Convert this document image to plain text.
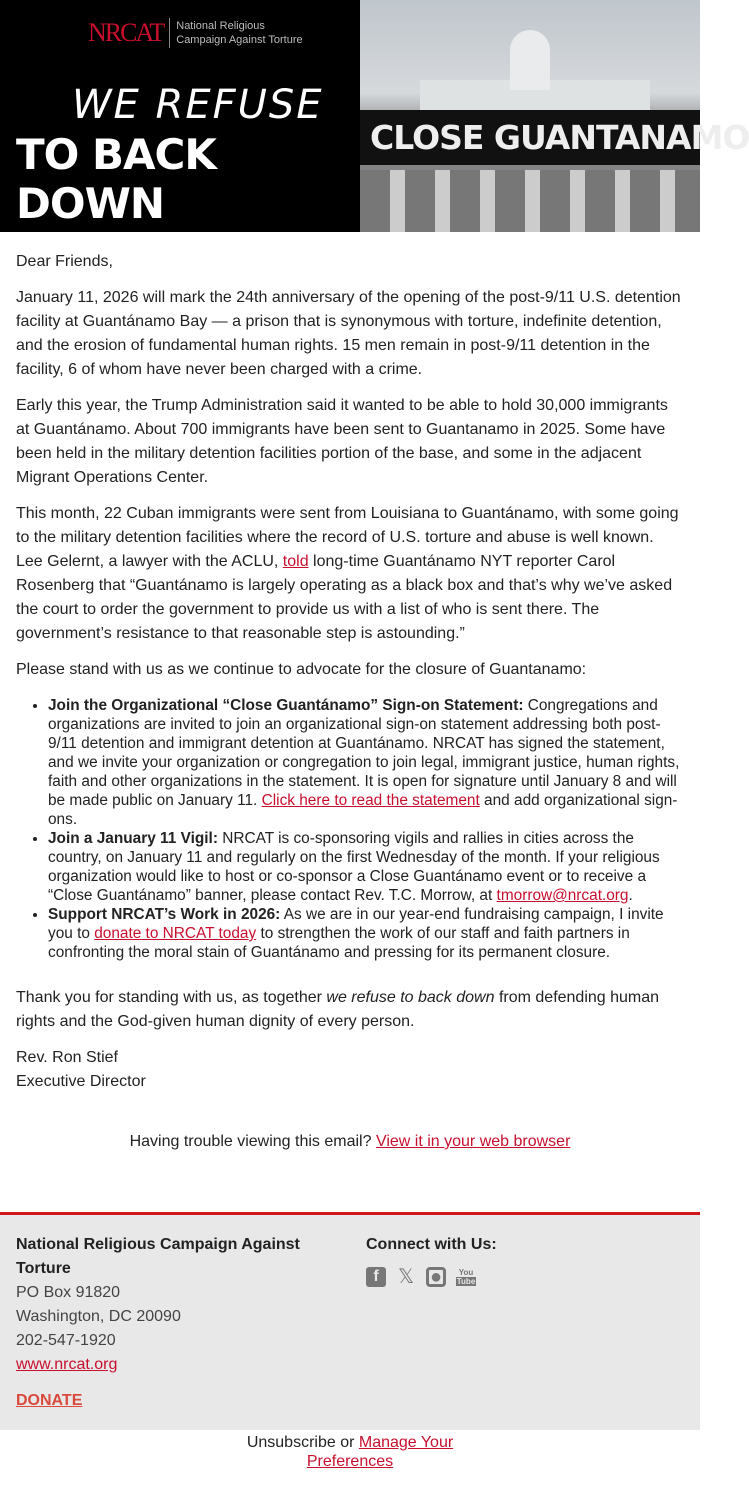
NRCAT	National Religious Campaign Against Torture
WE REFUSE
TO BACK DOWN
CLOSE GUANTANAMO

Dear Friends,

January 11, 2026 will mark the 24th anniversary of the opening of the post-9/11 U.S. detention facility at Guantánamo Bay — a prison that is synonymous with torture, indefinite detention, and the erosion of fundamental human rights. 15 men remain in post-9/11 detention in the facility, 6 of whom have never been charged with a crime.

Early this year, the Trump Administration said it wanted to be able to hold 30,000 immigrants at Guantánamo. About 700 immigrants have been sent to Guantanamo in 2025. Some have been held in the military detention facilities portion of the base, and some in the adjacent Migrant Operations Center.

This month, 22 Cuban immigrants were sent from Louisiana to Guantánamo, with some going to the military detention facilities where the record of U.S. torture and abuse is well known. Lee Gelernt, a lawyer with the ACLU, told long-time Guantánamo NYT reporter Carol Rosenberg that “Guantánamo is largely operating as a black box and that’s why we’ve asked the court to order the government to provide us with a list of who is sent there. The government’s resistance to that reasonable step is astounding.”

Please stand with us as we continue to advocate for the closure of Guantanamo:

• Join the Organizational “Close Guantánamo” Sign-on Statement: Congregations and organizations are invited to join an organizational sign-on statement addressing both post-9/11 detention and immigrant detention at Guantánamo. NRCAT has signed the statement, and we invite your organization or congregation to join legal, immigrant justice, human rights, faith and other organizations in the statement. It is open for signature until January 8 and will be made public on January 11. Click here to read the statement and add organizational sign-ons.
• Join a January 11 Vigil: NRCAT is co-sponsoring vigils and rallies in cities across the country, on January 11 and regularly on the first Wednesday of the month. If your religious organization would like to host or co-sponsor a Close Guantánamo event or to receive a “Close Guantánamo” banner, please contact Rev. T.C. Morrow, at tmorrow@nrcat.org.
• Support NRCAT’s Work in 2026: As we are in our year-end fundraising campaign, I invite you to donate to NRCAT today to strengthen the work of our staff and faith partners in confronting the moral stain of Guantánamo and pressing for its permanent closure.

Thank you for standing with us, as together we refuse to back down from defending human rights and the God-given human dignity of every person.

Rev. Ron Stief
Executive Director
Having trouble viewing this email? View it in your web browser
National Religious Campaign Against Torture
PO Box 91820
Washington, DC 20090
202-547-1920
www.nrcat.org
DONATE
Connect with Us:
f 𝕏 ●	You
Tube
Unsubscribe or Manage Your Preferences
